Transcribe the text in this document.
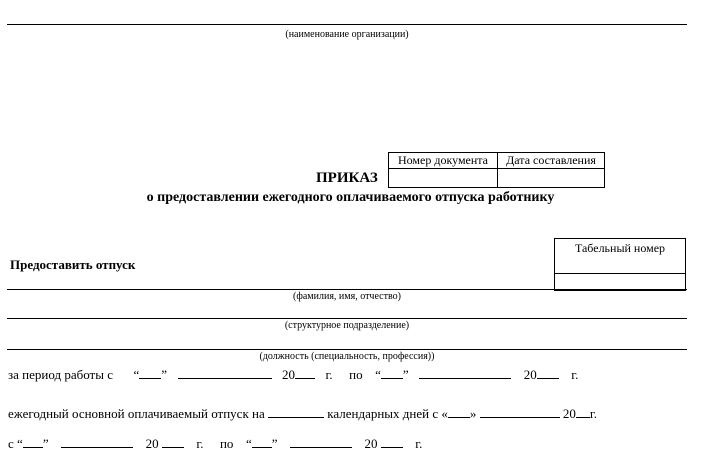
(наименование организации)
Номер документа	Дата составления

ПРИКАЗ
о предоставлении ежегодного оплачиваемого отпуска работнику
Табельный номер

Предоставить отпуск
(фамилия, имя, отчество)
(структурное подразделение)
(должность (специальность, профессия))
за период работы с “ ”	20 г. по “ ”	20	г.
ежегодный основной оплачиваемый отпуск на	календарных дней с « »	20 г.
с “ ”	20	г. по “ ”	20	г.
